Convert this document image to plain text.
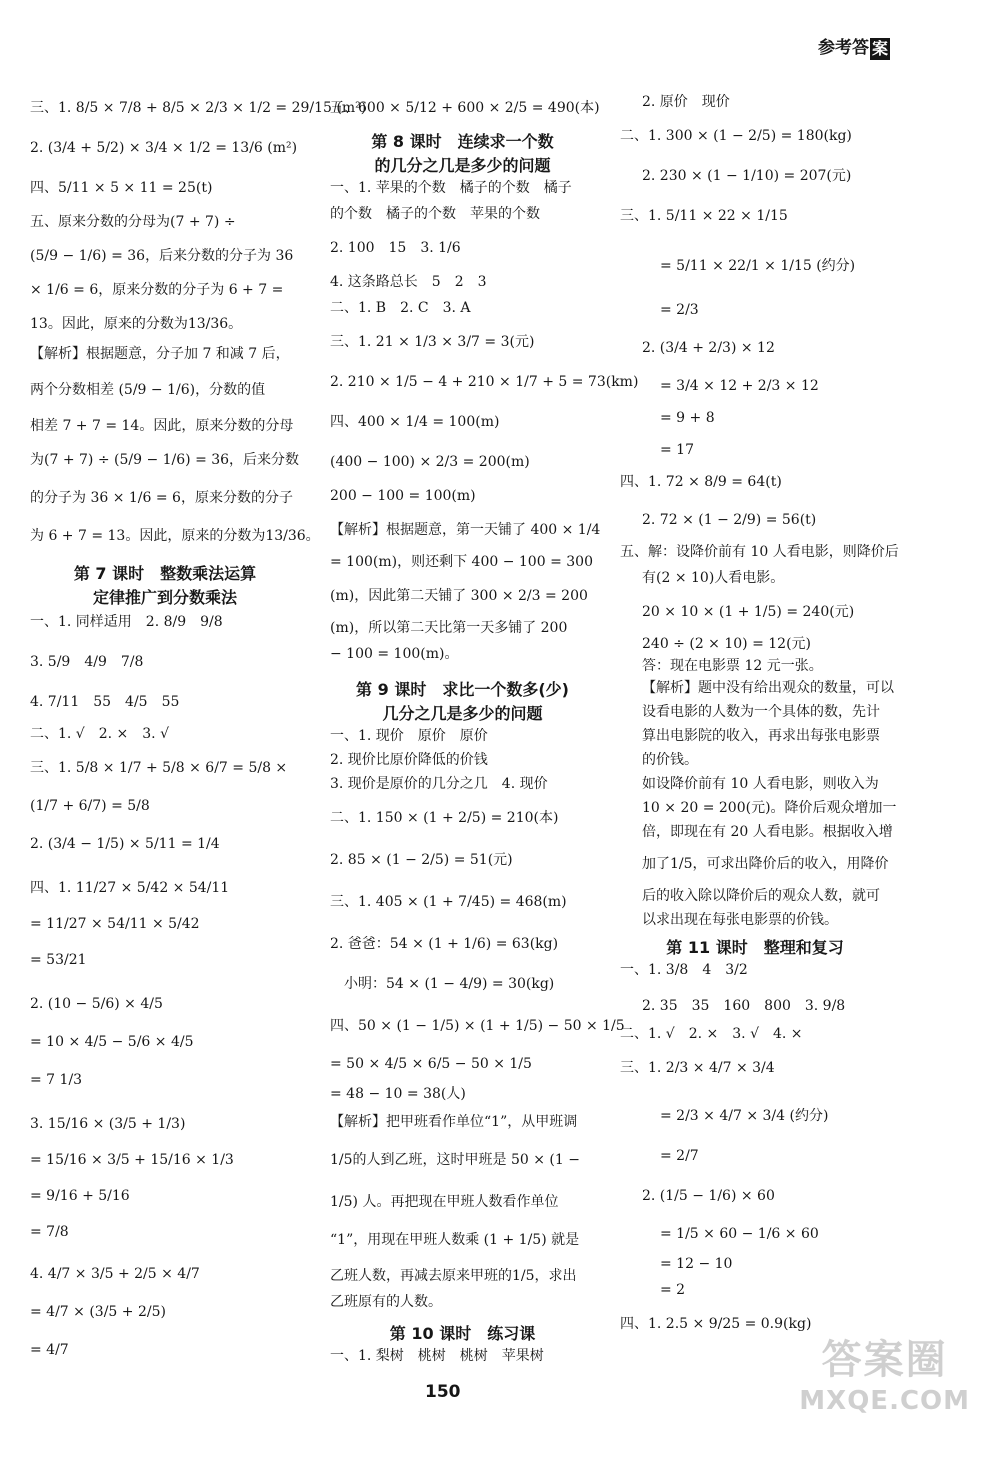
参考答 案

三、1. 8/5 × 7/8 + 8/5 × 2/3 × 1/2 = 29/15 (m²)

2. (3/4 + 5/2) × 3/4 × 1/2 = 13/6 (m²)

四、5/11 × 5 × 11 = 25(t)

五、原来分数的分母为(7 + 7) ÷

(5/9 − 1/6) = 36，后来分数的分子为 36

× 1/6 = 6，原来分数的分子为 6 + 7 =

13。因此，原来的分数为13/36。

【解析】根据题意，分子加 7 和减 7 后，

两个分数相差 (5/9 − 1/6)，分数的值

相差 7 + 7 = 14。因此，原来分数的分母

为(7 + 7) ÷ (5/9 − 1/6) = 36，后来分数

的分子为 36 × 1/6 = 6，原来分数的分子

为 6 + 7 = 13。因此，原来的分数为13/36。

第 7 课时　整数乘法运算

定律推广到分数乘法

一、1. 同样适用　2. 8/9　9/8

3. 5/9　4/9　7/8

4. 7/11　55　4/5　55

二、1. √　2. ×　3. √

三、1. 5/8 × 1/7 + 5/8 × 6/7 = 5/8 ×

(1/7 + 6/7) = 5/8

2. (3/4 − 1/5) × 5/11 = 1/4

四、1. 11/27 × 5/42 × 54/11

= 11/27 × 54/11 × 5/42

= 53/21

2. (10 − 5/6) × 4/5

= 10 × 4/5 − 5/6 × 4/5

= 7 1/3

3. 15/16 × (3/5 + 1/3)

= 15/16 × 3/5 + 15/16 × 1/3

= 9/16 + 5/16

= 7/8

4. 4/7 × 3/5 + 2/5 × 4/7

= 4/7 × (3/5 + 2/5)

= 4/7

五、600 × 5/12 + 600 × 2/5 = 490(本)

第 8 课时　连续求一个数

的几分之几是多少的问题

一、1. 苹果的个数　橘子的个数　橘子

的个数　橘子的个数　苹果的个数

2. 100　15　3. 1/6

4. 这条路总长　5　2　3

二、1. B　2. C　3. A

三、1. 21 × 1/3 × 3/7 = 3(元)

2. 210 × 1/5 − 4 + 210 × 1/7 + 5 = 73(km)

四、400 × 1/4 = 100(m)

(400 − 100) × 2/3 = 200(m)

200 − 100 = 100(m)

【解析】根据题意，第一天铺了 400 × 1/4

= 100(m)，则还剩下 400 − 100 = 300

(m)，因此第二天铺了 300 × 2/3 = 200

(m)，所以第二天比第一天多铺了 200

− 100 = 100(m)。

第 9 课时　求比一个数多(少)

几分之几是多少的问题

一、1. 现价　原价　原价

2. 现价比原价降低的价钱

3. 现价是原价的几分之几　4. 现价

二、1. 150 × (1 + 2/5) = 210(本)

2. 85 × (1 − 2/5) = 51(元)

三、1. 405 × (1 + 7/45) = 468(m)

2. 爸爸：54 × (1 + 1/6) = 63(kg)

小明：54 × (1 − 4/9) = 30(kg)

四、50 × (1 − 1/5) × (1 + 1/5) − 50 × 1/5

= 50 × 4/5 × 6/5 − 50 × 1/5

= 48 − 10 = 38(人)

【解析】把甲班看作单位“1”，从甲班调

1/5的人到乙班，这时甲班是 50 × (1 −

1/5) 人。再把现在甲班人数看作单位

“1”，用现在甲班人数乘 (1 + 1/5) 就是

乙班人数，再减去原来甲班的1/5，求出

乙班原有的人数。

第 10 课时　练习课

一、1. 梨树　桃树　桃树　苹果树

2. 原价　现价

二、1. 300 × (1 − 2/5) = 180(kg)

2. 230 × (1 − 1/10) = 207(元)

三、1. 5/11 × 22 × 1/15

= 5/11 × 22/1 × 1/15 (约分)

= 2/3

2. (3/4 + 2/3) × 12

= 3/4 × 12 + 2/3 × 12

= 9 + 8

= 17

四、1. 72 × 8/9 = 64(t)

2. 72 × (1 − 2/9) = 56(t)

五、解：设降价前有 10 人看电影，则降价后

有(2 × 10)人看电影。

20 × 10 × (1 + 1/5) = 240(元)

240 ÷ (2 × 10) = 12(元)

答：现在电影票 12 元一张。

【解析】题中没有给出观众的数量，可以

设看电影的人数为一个具体的数，先计

算出电影院的收入，再求出每张电影票

的价钱。

如设降价前有 10 人看电影，则收入为

10 × 20 = 200(元)。降价后观众增加一

倍，即现在有 20 人看电影。根据收入增

加了1/5，可求出降价后的收入，用降价

后的收入除以降价后的观众人数，就可

以求出现在每张电影票的价钱。

第 11 课时　整理和复习

一、1. 3/8　4　3/2

2. 35　35　160　800　3. 9/8

二、1. √　2. ×　3. √　4. ×

三、1. 2/3 × 4/7 × 3/4

= 2/3 × 4/7 × 3/4 (约分)

= 2/7

2. (1/5 − 1/6) × 60

= 1/5 × 60 − 1/6 × 60

= 12 − 10

= 2

四、1. 2.5 × 9/25 = 0.9(kg)

150
答案圈
MXQE.COM
